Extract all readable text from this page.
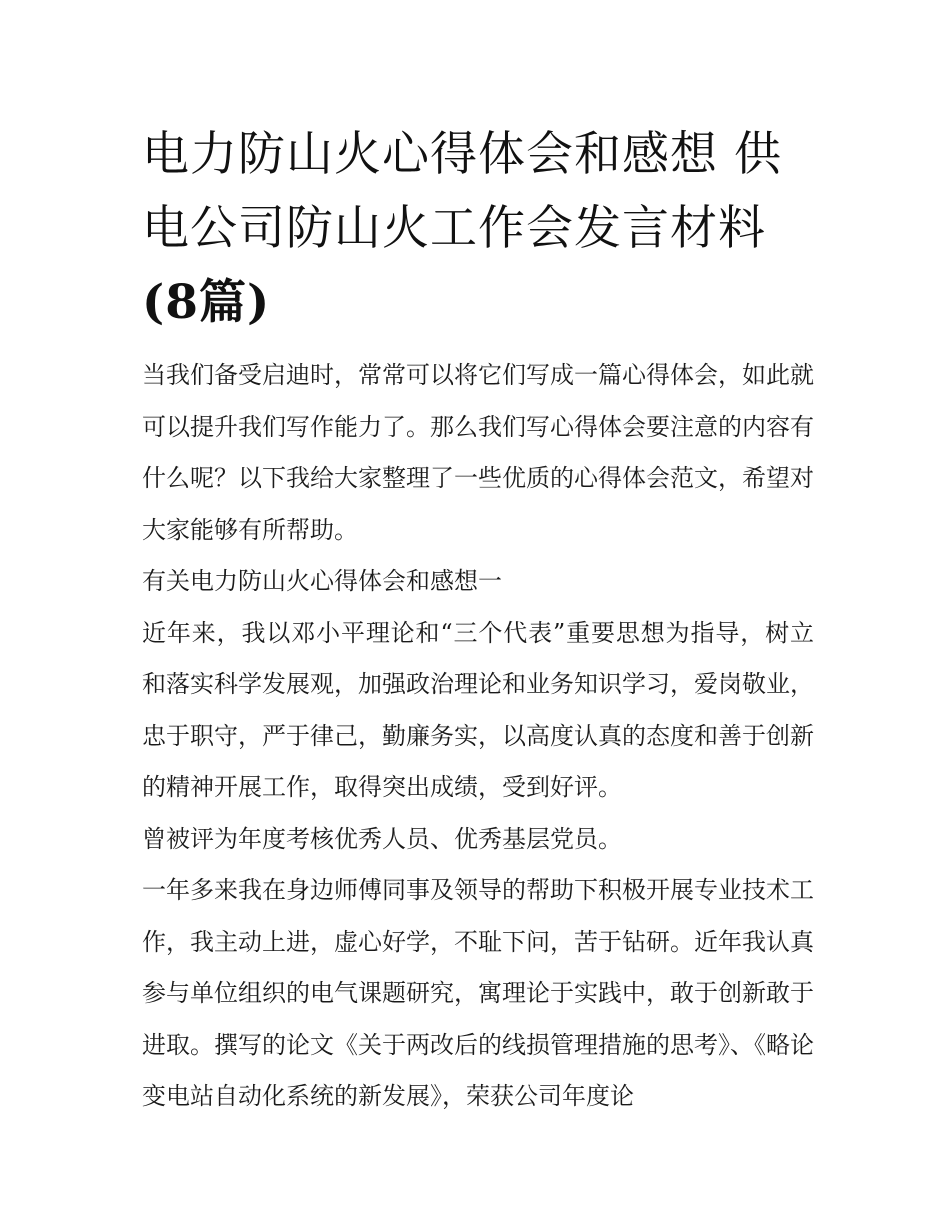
电力防山火心得体会和感想 供电公司防山火工作会发言材料
(8篇)

当我们备受启迪时，常常可以将它们写成一篇心得体会，如此就可以提升我们写作能力了。那么我们写心得体会要注意的内容有什么呢？以下我给大家整理了一些优质的心得体会范文，希望对大家能够有所帮助。

有关电力防山火心得体会和感想一

近年来，我以邓小平理论和“三个代表”重要思想为指导，树立和落实科学发展观，加强政治理论和业务知识学习，爱岗敬业，忠于职守，严于律己，勤廉务实，以高度认真的态度和善于创新的精神开展工作，取得突出成绩，受到好评。

曾被评为年度考核优秀人员、优秀基层党员。

一年多来我在身边师傅同事及领导的帮助下积极开展专业技术工作，我主动上进，虚心好学，不耻下问，苦于钻研。近年我认真参与单位组织的电气课题研究，寓理论于实践中，敢于创新敢于进取。撰写的论文《关于两改后的线损管理措施的思考》、《略论变电站自动化系统的新发展》，荣获公司年度论
